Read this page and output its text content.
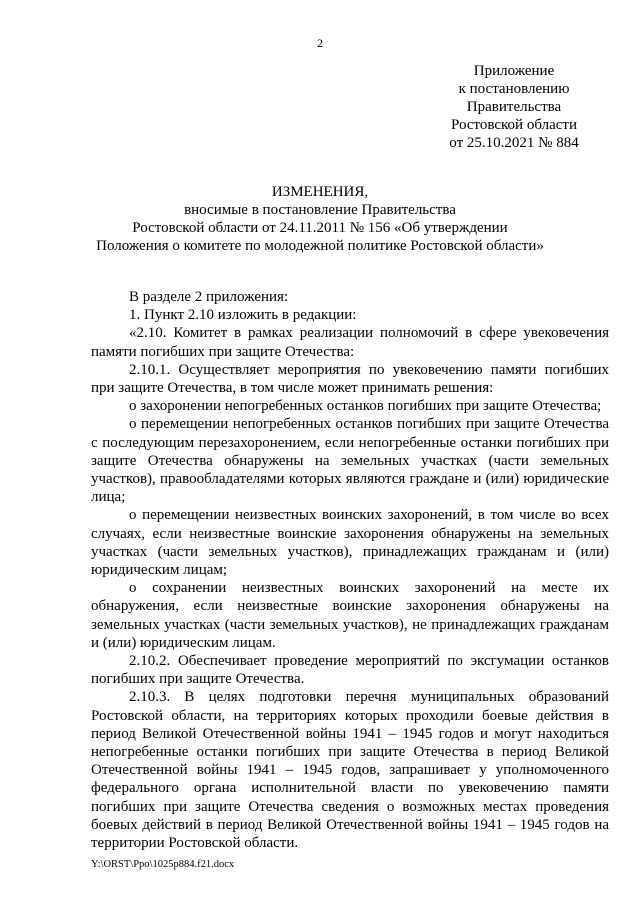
2
Приложение
к постановлению
Правительства
Ростовской области
от 25.10.2021 № 884
ИЗМЕНЕНИЯ,
вносимые в постановление Правительства
Ростовской области от 24.11.2011 № 156 «Об утверждении
Положения о комитете по молодежной политике Ростовской области»

В разделе 2 приложения:

1. Пункт 2.10 изложить в редакции:

«2.10. Комитет в рамках реализации полномочий в сфере увековечения памяти погибших при защите Отечества:

2.10.1. Осуществляет мероприятия по увековечению памяти погибших при защите Отечества, в том числе может принимать решения:

о захоронении непогребенных останков погибших при защите Отечества;

о перемещении непогребенных останков погибших при защите Отечества с последующим перезахоронением, если непогребенные останки погибших при защите Отечества обнаружены на земельных участках (части земельных участков), правообладателями которых являются граждане и (или) юридические лица;

о перемещении неизвестных воинских захоронений, в том числе во всех случаях, если неизвестные воинские захоронения обнаружены на земельных участках (части земельных участков), принадлежащих гражданам и (или) юридическим лицам;

о сохранении неизвестных воинских захоронений на месте их обнаружения, если неизвестные воинские захоронения обнаружены на земельных участках (части земельных участков), не принадлежащих гражданам и (или) юридическим лицам.

2.10.2. Обеспечивает проведение мероприятий по эксгумации останков погибших при защите Отечества.

2.10.3. В целях подготовки перечня муниципальных образований Ростовской области, на территориях которых проходили боевые действия в период Великой Отечественной войны 1941 – 1945 годов и могут находиться непогребенные останки погибших при защите Отечества в период Великой Отечественной войны 1941 – 1945 годов, запрашивает у уполномоченного федерального органа исполнительной власти по увековечению памяти погибших при защите Отечества сведения о возможных местах проведения боевых действий в период Великой Отечественной войны 1941 – 1945 годов на территории Ростовской области.

Y:\ORST\Ppo\1025p884.f21.docx
